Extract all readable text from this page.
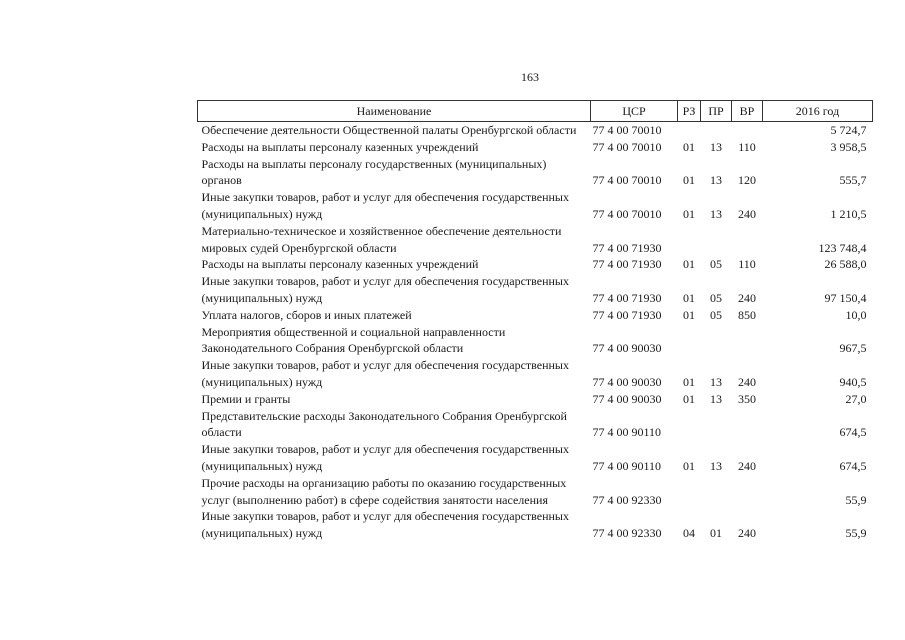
163
Наименование	ЦСР	РЗ	ПР	ВР	2016 год
Обеспечение деятельности Общественной палаты Оренбургской области	77 4 00 70010				5 724,7
Расходы на выплаты персоналу казенных учреждений	77 4 00 70010	01	13	110	3 958,5
Расходы на выплаты персоналу государственных (муниципальных) органов	77 4 00 70010	01	13	120	555,7
Иные закупки товаров, работ и услуг для обеспечения государственных (муниципальных) нужд	77 4 00 70010	01	13	240	1 210,5
Материально-техническое и хозяйственное обеспечение деятельности мировых судей Оренбургской области	77 4 00 71930				123 748,4
Расходы на выплаты персоналу казенных учреждений	77 4 00 71930	01	05	110	26 588,0
Иные закупки товаров, работ и услуг для обеспечения государственных (муниципальных) нужд	77 4 00 71930	01	05	240	97 150,4
Уплата налогов, сборов и иных платежей	77 4 00 71930	01	05	850	10,0
Мероприятия общественной и социальной направленности Законодательного Собрания Оренбургской области	77 4 00 90030				967,5
Иные закупки товаров, работ и услуг для обеспечения государственных (муниципальных) нужд	77 4 00 90030	01	13	240	940,5
Премии и гранты	77 4 00 90030	01	13	350	27,0
Представительские расходы Законодательного Собрания Оренбургской области	77 4 00 90110				674,5
Иные закупки товаров, работ и услуг для обеспечения государственных (муниципальных) нужд	77 4 00 90110	01	13	240	674,5
Прочие расходы на организацию работы по оказанию государственных услуг (выполнению работ) в сфере содействия занятости населения	77 4 00 92330				55,9
Иные закупки товаров, работ и услуг для обеспечения государственных (муниципальных) нужд	77 4 00 92330	04	01	240	55,9
